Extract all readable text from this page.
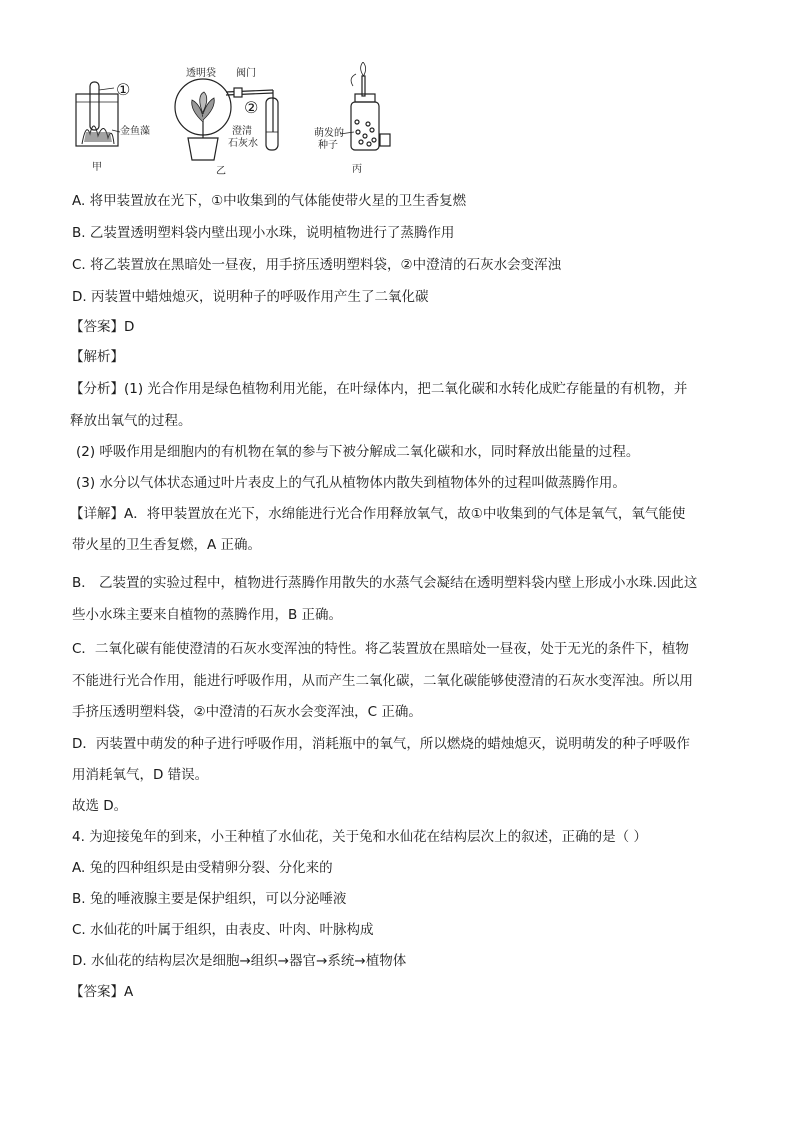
①
金鱼藻
甲
透明袋 阀门
②
澄清
石灰水
乙
萌发的
种子
丙
A. 将甲装置放在光下，①中收集到的气体能使带火星的卫生香复燃
B. 乙装置透明塑料袋内壁出现小水珠，说明植物进行了蒸腾作用
C. 将乙装置放在黑暗处一昼夜，用手挤压透明塑料袋，②中澄清的石灰水会变浑浊
D. 丙装置中蜡烛熄灭，说明种子的呼吸作用产生了二氧化碳
【答案】D
【解析】
【分析】(1) 光合作用是绿色植物利用光能，在叶绿体内，把二氧化碳和水转化成贮存能量的有机物，并
释放出氧气的过程。
(2) 呼吸作用是细胞内的有机物在氧的参与下被分解成二氧化碳和水，同时释放出能量的过程。
(3) 水分以气体状态通过叶片表皮上的气孔从植物体内散失到植物体外的过程叫做蒸腾作用。
【详解】A．将甲装置放在光下，水绵能进行光合作用释放氧气，故①中收集到的气体是氧气，氧气能使
带火星的卫生香复燃，A 正确。
B． 乙装置的实验过程中，植物进行蒸腾作用散失的水蒸气会凝结在透明塑料袋内壁上形成小水珠.因此这
些小水珠主要来自植物的蒸腾作用，B 正确。
C．二氧化碳有能使澄清的石灰水变浑浊的特性。将乙装置放在黑暗处一昼夜，处于无光的条件下，植物
不能进行光合作用，能进行呼吸作用，从而产生二氧化碳，二氧化碳能够使澄清的石灰水变浑浊。所以用
手挤压透明塑料袋，②中澄清的石灰水会变浑浊，C 正确。
D．丙装置中萌发的种子进行呼吸作用，消耗瓶中的氧气，所以燃烧的蜡烛熄灭，说明萌发的种子呼吸作
用消耗氧气，D 错误。
故选 D。
4. 为迎接兔年的到来，小王种植了水仙花，关于兔和水仙花在结构层次上的叙述，正确的是（ ）
A. 兔的四种组织是由受精卵分裂、分化来的
B. 兔的唾液腺主要是保护组织，可以分泌唾液
C. 水仙花的叶属于组织，由表皮、叶肉、叶脉构成
D. 水仙花的结构层次是细胞→组织→器官→系统→植物体
【答案】A
